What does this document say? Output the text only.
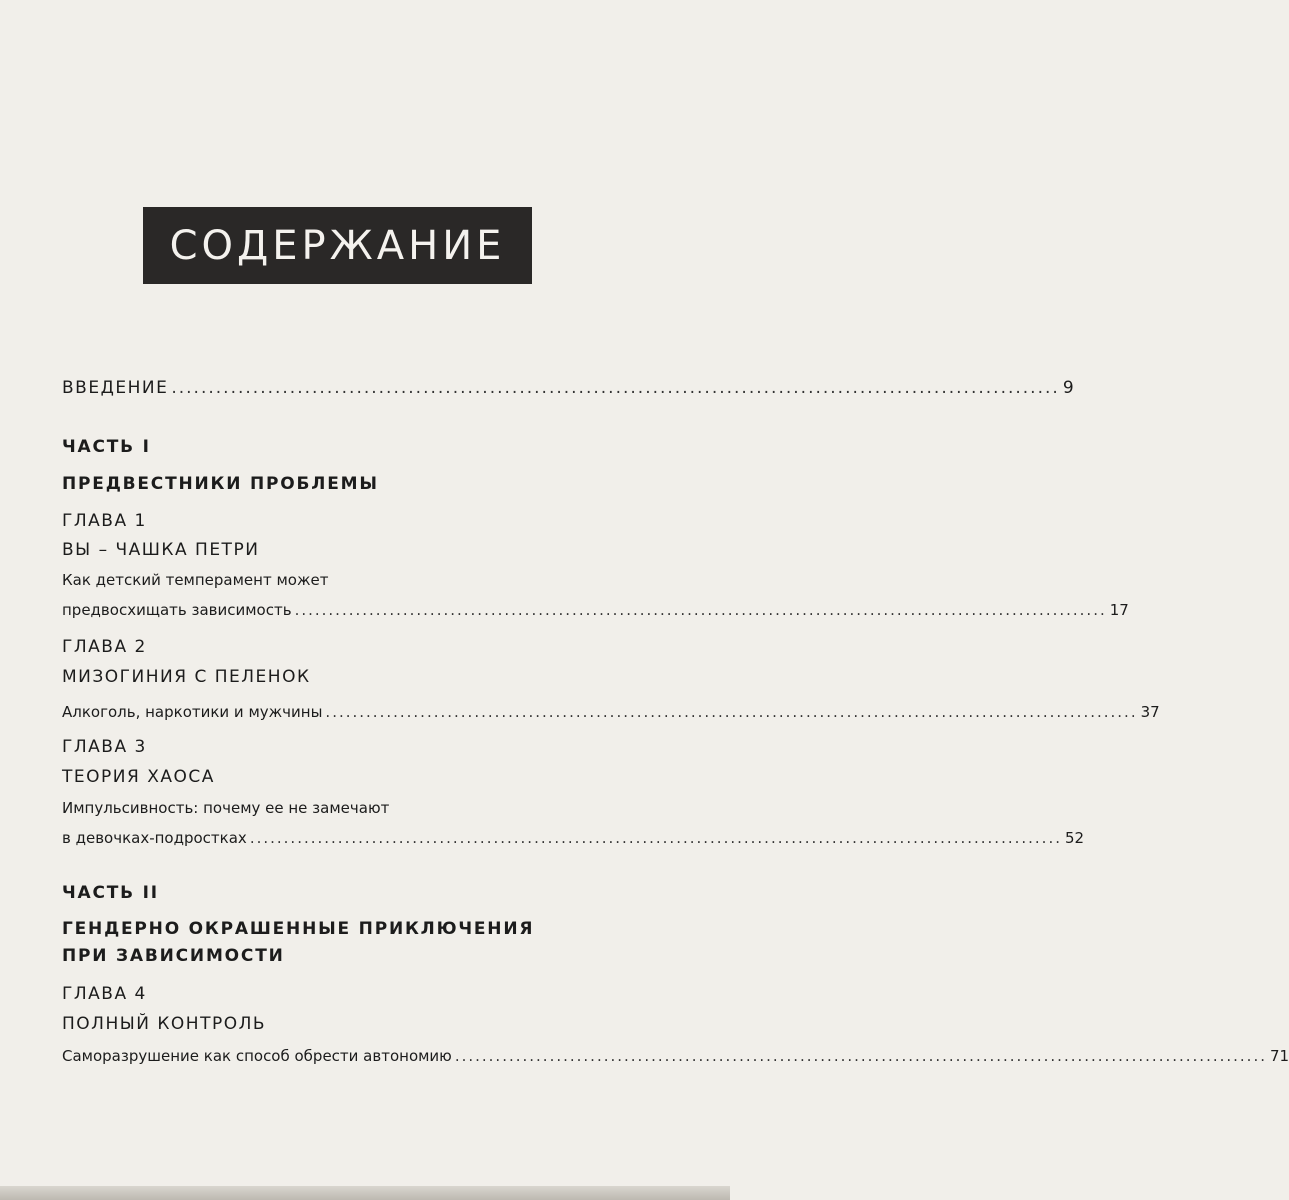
СОДЕРЖАНИЕ
ВВЕДЕНИЕ ........................................................................................................................ 9
ЧАСТЬ I
ПРЕДВЕСТНИКИ ПРОБЛЕМЫ
ГЛАВА 1
ВЫ – ЧАШКА ПЕТРИ
Как детский темперамент может
предвосхищать зависимость ........................................................................................................................ 17
ГЛАВА 2
МИЗОГИНИЯ С ПЕЛЕНОК
Алкоголь, наркотики и мужчины ........................................................................................................................ 37
ГЛАВА 3
ТЕОРИЯ ХАОСА
Импульсивность: почему ее не замечают
в девочках-подростках ........................................................................................................................ 52
ЧАСТЬ II
ГЕНДЕРНО ОКРАШЕННЫЕ ПРИКЛЮЧЕНИЯ
ПРИ ЗАВИСИМОСТИ
ГЛАВА 4
ПОЛНЫЙ КОНТРОЛЬ
Саморазрушение как способ обрести автономию ........................................................................................................................ 71
